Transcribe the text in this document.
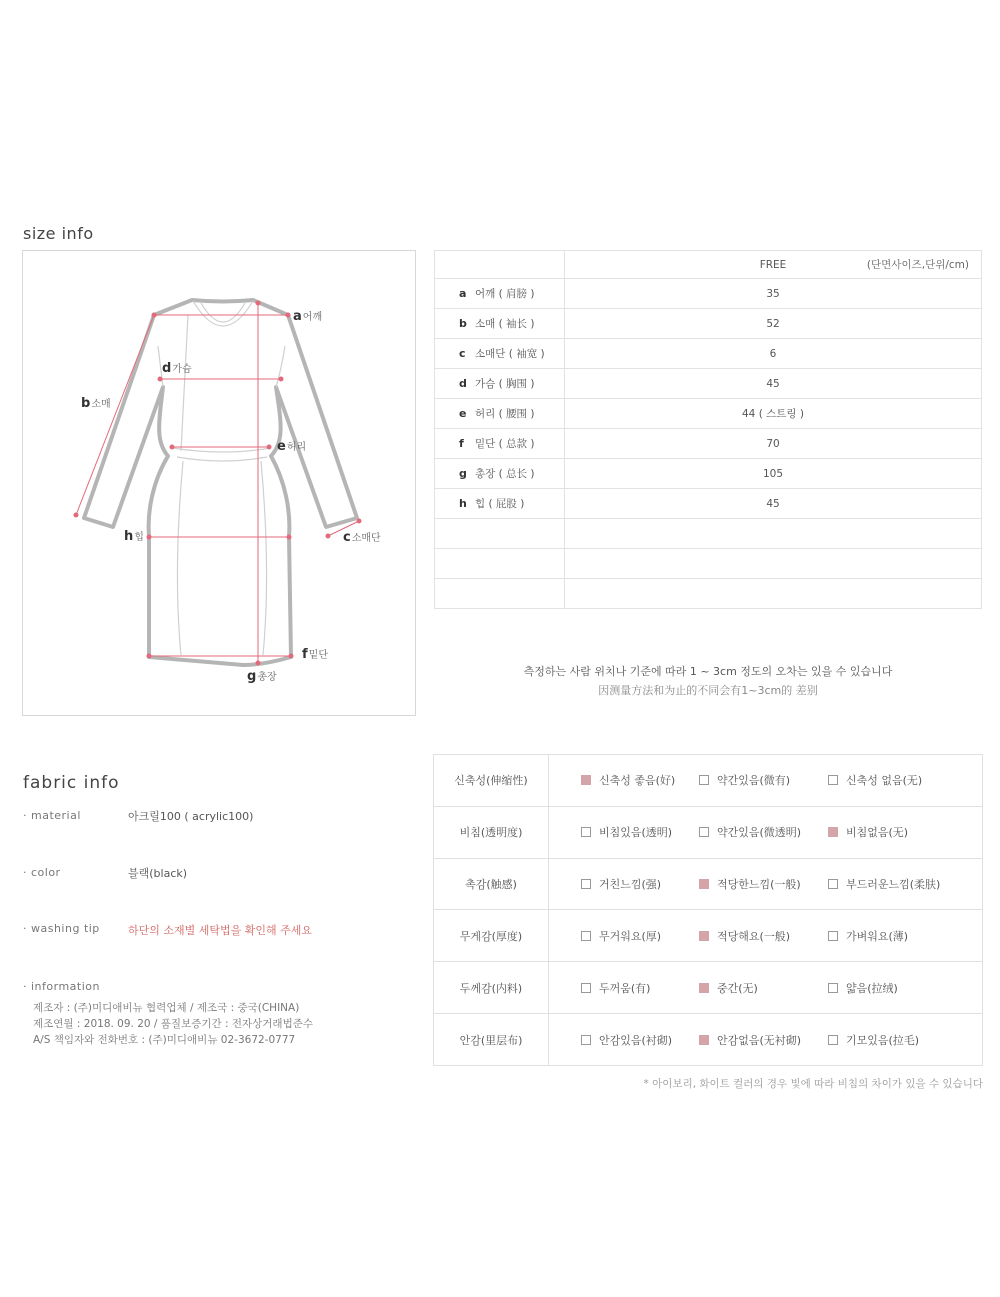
size info
a어깨
b소매
c소매단
d가슴
e허리
f밑단
g총장
h힙
	FREE (단면사이즈,단위/cm)

a 어깨 ( 肩膀 )	35
b 소매 ( 袖长 )	52
c 소매단 ( 袖宽 )	6
d 가슴 ( 胸围 )	45
e 허리 ( 腰围 )	44 ( 스트링 )
f 밑단 ( 总款 )	70
g 총장 ( 总长 )	105
h 힙 ( 屁股 )	45

측정하는 사람 위치나 기준에 따라 1 ~ 3cm 정도의 오차는 있을 수 있습니다
因测量方法和为止的不同会有1~3cm的 差别
fabric info
· material	아크릴100 ( acrylic100)
· color	블랙(black)
· washing tip	하단의 소재별 세탁법을 확인해 주세요
· information
제조자 : (주)미디애비뉴 협력업체 / 제조국 : 중국(CHINA)
제조연월 : 2018. 09. 20 / 품질보증기간 : 전자상거래법준수
A/S 책임자와 전화번호 : (주)미디애비뉴 02-3672-0777
신축성(伸缩性)	신축성 좋음(好) 약간있음(微有) 신축성 없음(无)

비침(透明度)	비침있음(透明) 약간있음(微透明) 비침없음(无)

촉감(触感)	거친느낌(强) 적당한느낌(一般) 부드러운느낌(柔肤)

무게감(厚度)	무거워요(厚) 적당해요(一般) 가벼워요(薄)

두께감(内料)	두꺼움(有) 중간(无) 얇음(拉绒)

안감(里层布)	안감있음(衬砌) 안감없음(无衬砌) 기모있음(拉毛)
* 아이보리, 화이트 컬러의 경우 빛에 따라 비침의 차이가 있을 수 있습니다
